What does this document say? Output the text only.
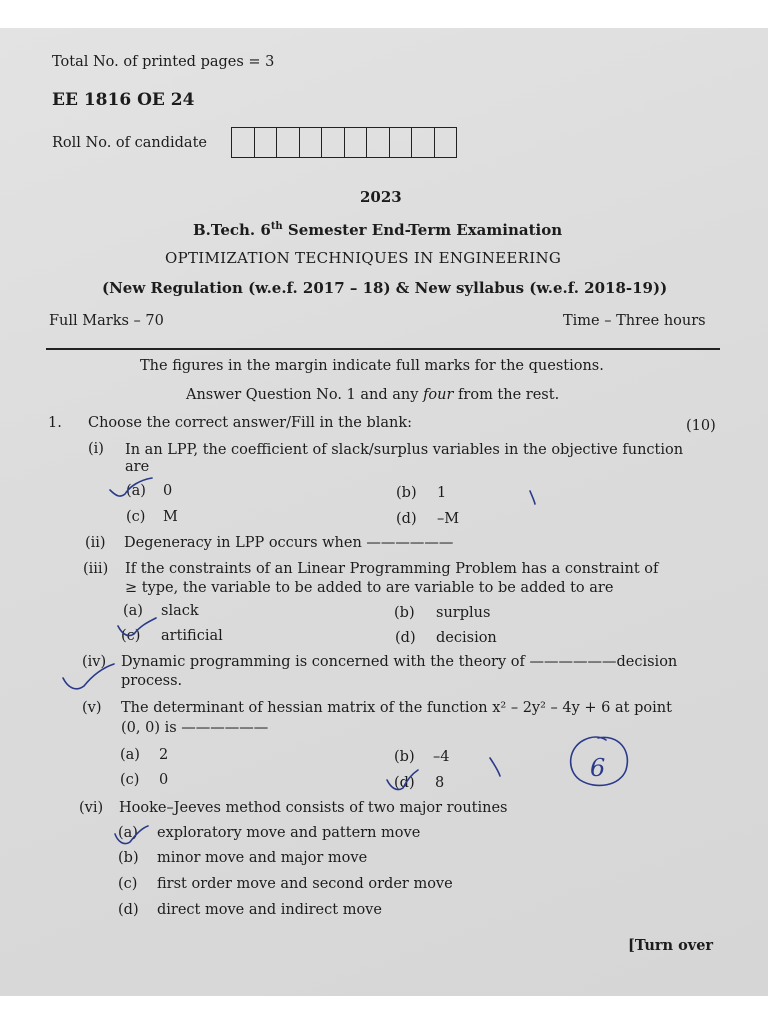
Total No. of printed pages = 3
EE 1816 OE 24
Roll No. of candidate
2023
B.Tech. 6th Semester End-Term Examination
OPTIMIZATION TECHNIQUES IN ENGINEERING
(New Regulation (w.e.f. 2017 – 18) & New syllabus (w.e.f. 2018-19))
Full Marks – 70	Time – Three hours
The figures in the margin indicate full marks for the questions.
Answer Question No. 1 and any four from the rest.
1. Choose the correct answer/Fill in the blank:	(10)
(i) In an LPP, the coefficient of slack/surplus variables in the objective function
are
(a) 0	(b) 1
(c) M	(d) –M
(ii) Degeneracy in LPP occurs when ——————
(iii) If the constraints of an Linear Programming Problem has a constraint of
≥ type, the variable to be added to are variable to be added to are
(a) slack	(b) surplus
(c) artificial	(d) decision
(iv) Dynamic programming is concerned with the theory of ——————decision
process.
(v) The determinant of hessian matrix of the function x² – 2y² – 4y + 6 at point
(0, 0) is ——————
(a) 2	(b) –4
(c) 0	(d) 8
(vi) Hooke–Jeeves method consists of two major routines
(a) exploratory move and pattern move
(b) minor move and major move
(c) first order move and second order move
(d) direct move and indirect move
[Turn over
6
